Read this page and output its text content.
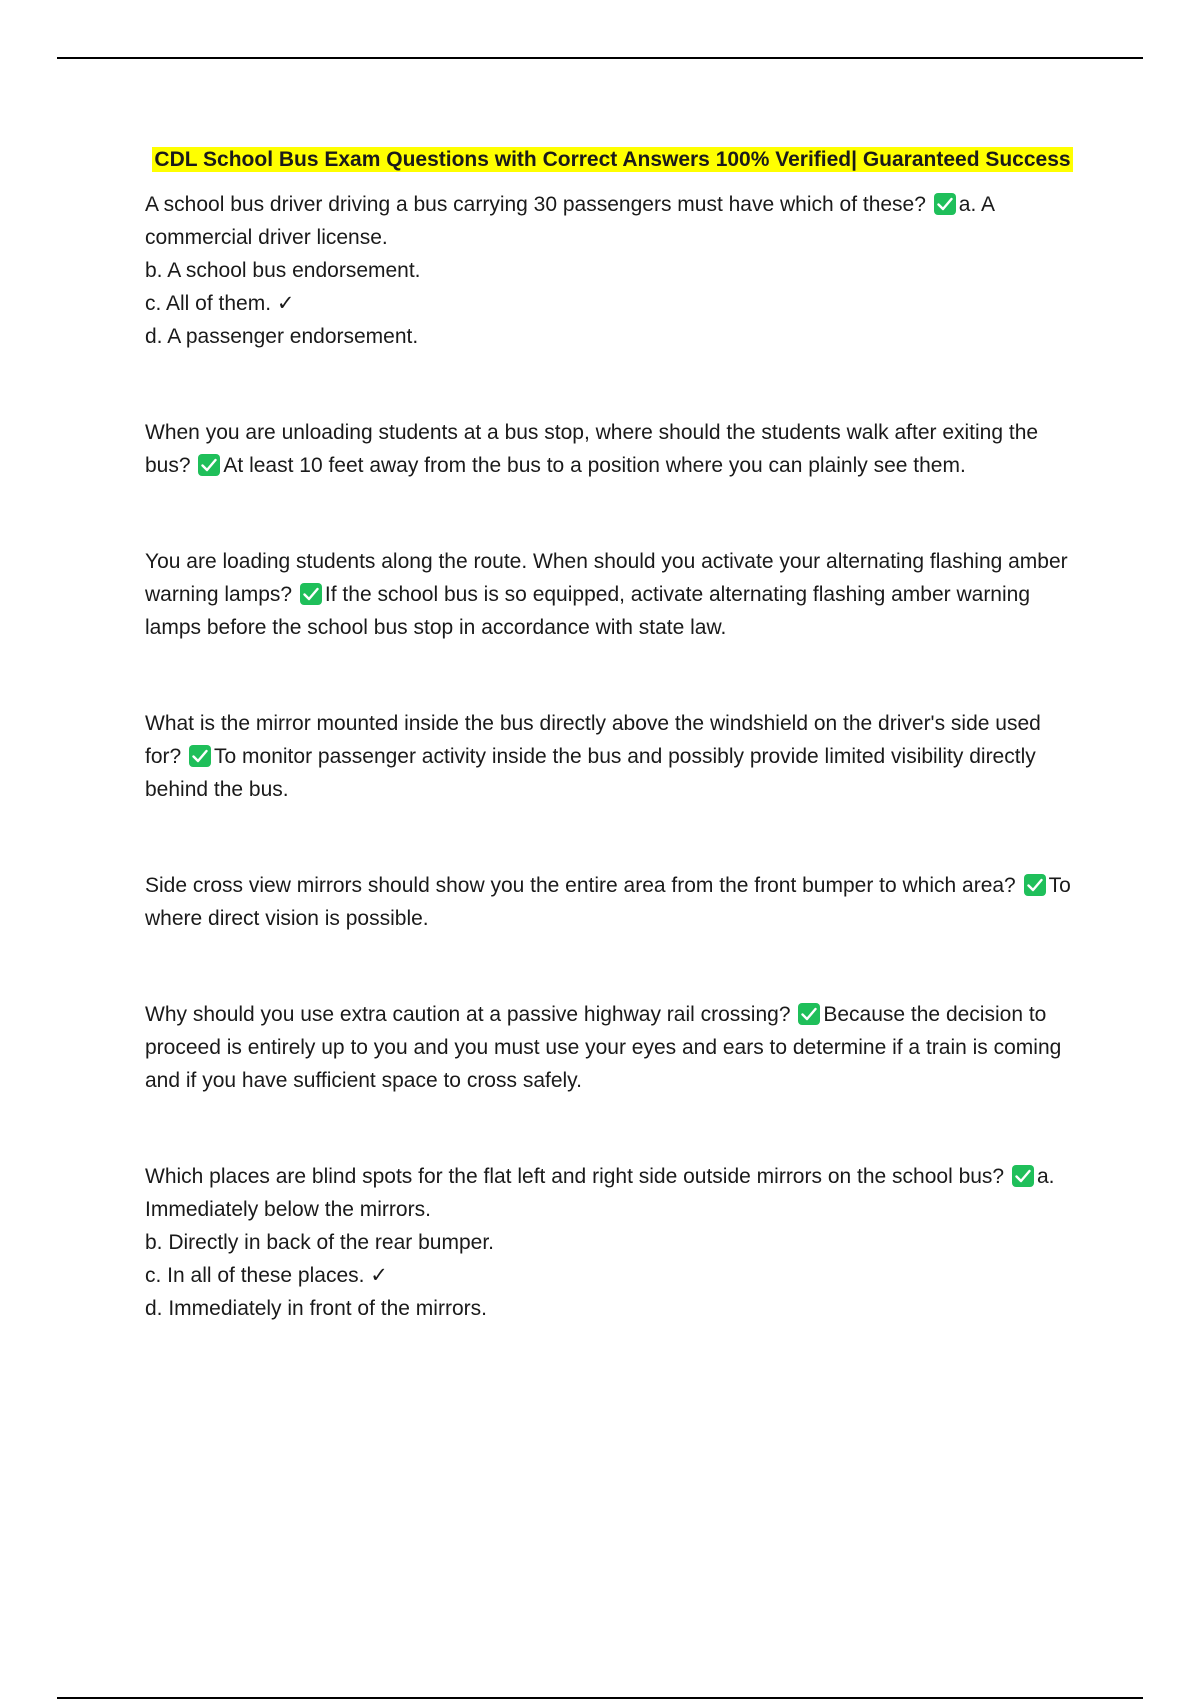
CDL School Bus Exam Questions with Correct Answers 100% Verified| Guaranteed Success

A school bus driver driving a bus carrying 30 passengers must have which of these? a. A commercial driver license.

b. A school bus endorsement.

c. All of them. ✓

d. A passenger endorsement.

When you are unloading students at a bus stop, where should the students walk after exiting the bus? At least 10 feet away from the bus to a position where you can plainly see them.

You are loading students along the route. When should you activate your alternating flashing amber warning lamps? If the school bus is so equipped, activate alternating flashing amber warning lamps before the school bus stop in accordance with state law.

What is the mirror mounted inside the bus directly above the windshield on the driver's side used for? To monitor passenger activity inside the bus and possibly provide limited visibility directly behind the bus.

Side cross view mirrors should show you the entire area from the front bumper to which area? To where direct vision is possible.

Why should you use extra caution at a passive highway rail crossing? Because the decision to proceed is entirely up to you and you must use your eyes and ears to determine if a train is coming and if you have sufficient space to cross safely.

Which places are blind spots for the flat left and right side outside mirrors on the school bus? a. Immediately below the mirrors.

b. Directly in back of the rear bumper.

c. In all of these places. ✓

d. Immediately in front of the mirrors.
